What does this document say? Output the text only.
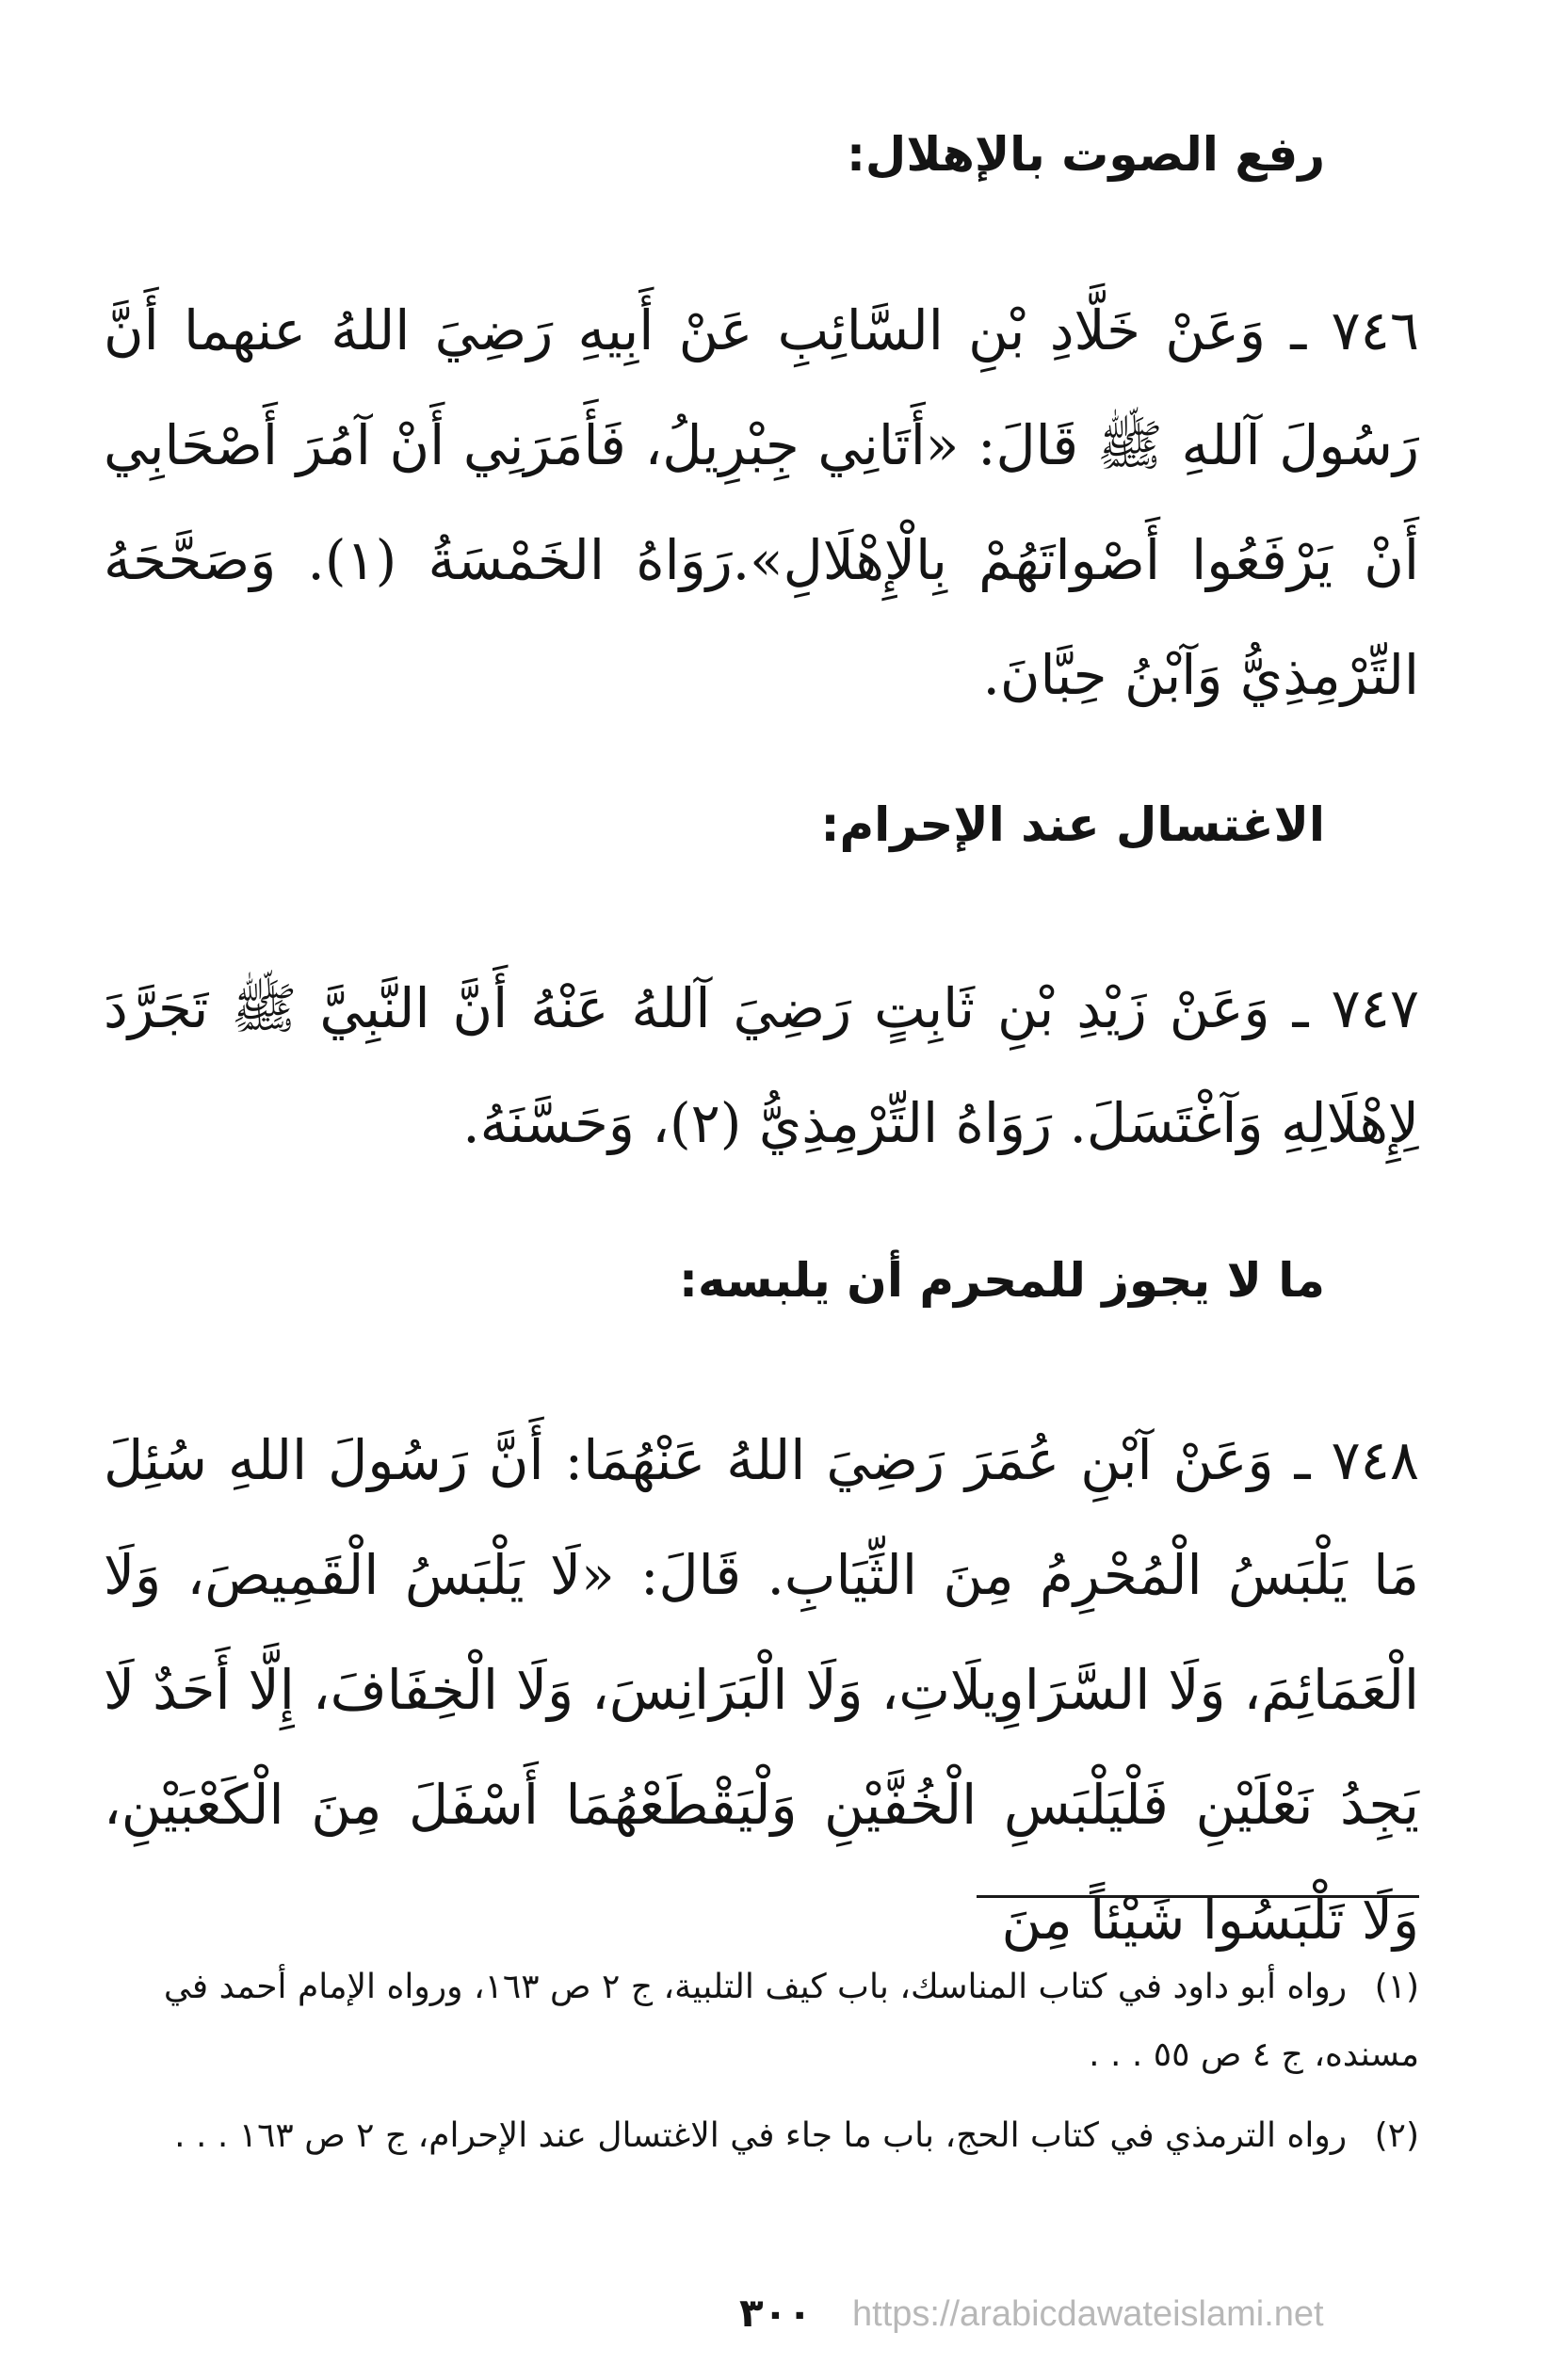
رفع الصوت بالإهلال:

٧٤٦ ـ وَعَنْ خَلَّادِ بْنِ السَّائِبِ عَنْ أَبِيهِ رَضِيَ اللهُ عنهما أَنَّ رَسُولَ آللهِ ﷺ قَالَ: «أَتَانِي جِبْرِيلُ، فَأَمَرَنِي أَنْ آمُرَ أَصْحَابِي أَنْ يَرْفَعُوا أَصْواتَهُمْ بِالْإِهْلَالِ».رَوَاهُ الخَمْسَةُ (١). وَصَحَّحَهُ التِّرْمِذِيُّ وَآبْنُ حِبَّانَ.

الاغتسال عند الإحرام:

٧٤٧ ـ وَعَنْ زَيْدِ بْنِ ثَابِتٍ رَضِيَ آللهُ عَنْهُ أَنَّ النَّبِيَّ ﷺ تَجَرَّدَ لِإِهْلَالِهِ وَآغْتَسَلَ. رَوَاهُ التِّرْمِذِيُّ (٢)، وَحَسَّنَهُ.

ما لا يجوز للمحرم أن يلبسه:

٧٤٨ ـ وَعَنْ آبْنِ عُمَرَ رَضِيَ اللهُ عَنْهُمَا: أَنَّ رَسُولَ اللهِ سُئِلَ مَا يَلْبَسُ الْمُحْرِمُ مِنَ الثِّيَابِ. قَالَ: «لَا يَلْبَسُ الْقَمِيصَ، وَلَا الْعَمَائِمَ، وَلَا السَّرَاوِيلَاتِ، وَلَا الْبَرَانِسَ، وَلَا الْخِفَافَ، إِلَّا أَحَدٌ لَا يَجِدُ نَعْلَيْنِ فَلْيَلْبَسِ الْخُفَّيْنِ وَلْيَقْطَعْهُمَا أَسْفَلَ مِنَ الْكَعْبَيْنِ، وَلَا تَلْبَسُوا شَيْئاً مِنَ

(١) رواه أبو داود في كتاب المناسك، باب كيف التلبية، ج ٢ ص ١٦٣، ورواه الإمام أحمد في مسنده، ج ٤ ص ٥٥ . . .

(٢) رواه الترمذي في كتاب الحج، باب ما جاء في الاغتسال عند الإحرام، ج ٢ ص ١٦٣ . . .

٣٠٠	https://arabicdawateislami.net
